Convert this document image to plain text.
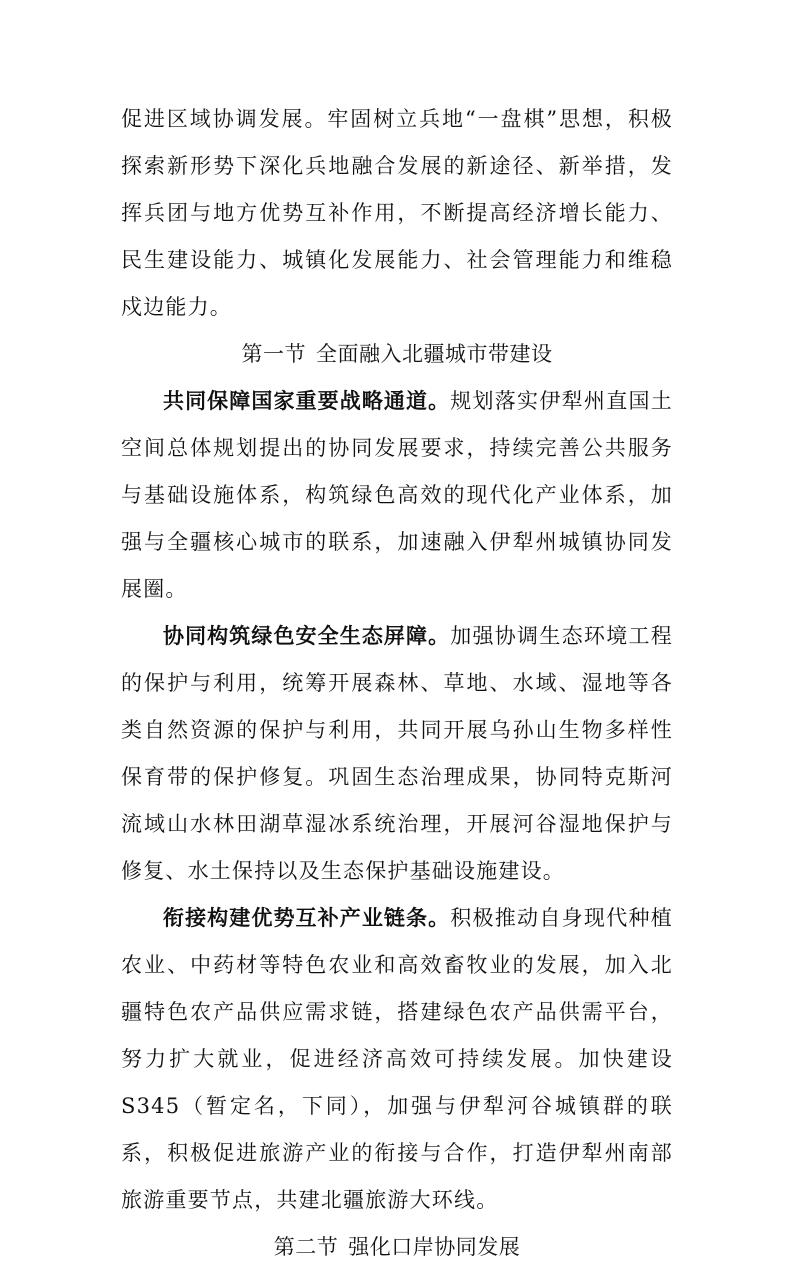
促进区域协调发展。牢固树立兵地“一盘棋”思想，积极探索新形势下深化兵地融合发展的新途径、新举措，发挥兵团与地方优势互补作用，不断提高经济增长能力、民生建设能力、城镇化发展能力、社会管理能力和维稳戍边能力。

第一节 全面融入北疆城市带建设

共同保障国家重要战略通道。规划落实伊犁州直国土空间总体规划提出的协同发展要求，持续完善公共服务与基础设施体系，构筑绿色高效的现代化产业体系，加强与全疆核心城市的联系，加速融入伊犁州城镇协同发展圈。

协同构筑绿色安全生态屏障。加强协调生态环境工程的保护与利用，统筹开展森林、草地、水域、湿地等各类自然资源的保护与利用，共同开展乌孙山生物多样性保育带的保护修复。巩固生态治理成果，协同特克斯河流域山水林田湖草湿冰系统治理，开展河谷湿地保护与修复、水土保持以及生态保护基础设施建设。

衔接构建优势互补产业链条。积极推动自身现代种植农业、中药材等特色农业和高效畜牧业的发展，加入北疆特色农产品供应需求链，搭建绿色农产品供需平台，努力扩大就业，促进经济高效可持续发展。加快建设S345（暂定名，下同），加强与伊犁河谷城镇群的联系，积极促进旅游产业的衔接与合作，打造伊犁州南部旅游重要节点，共建北疆旅游大环线。

第二节 强化口岸协同发展
